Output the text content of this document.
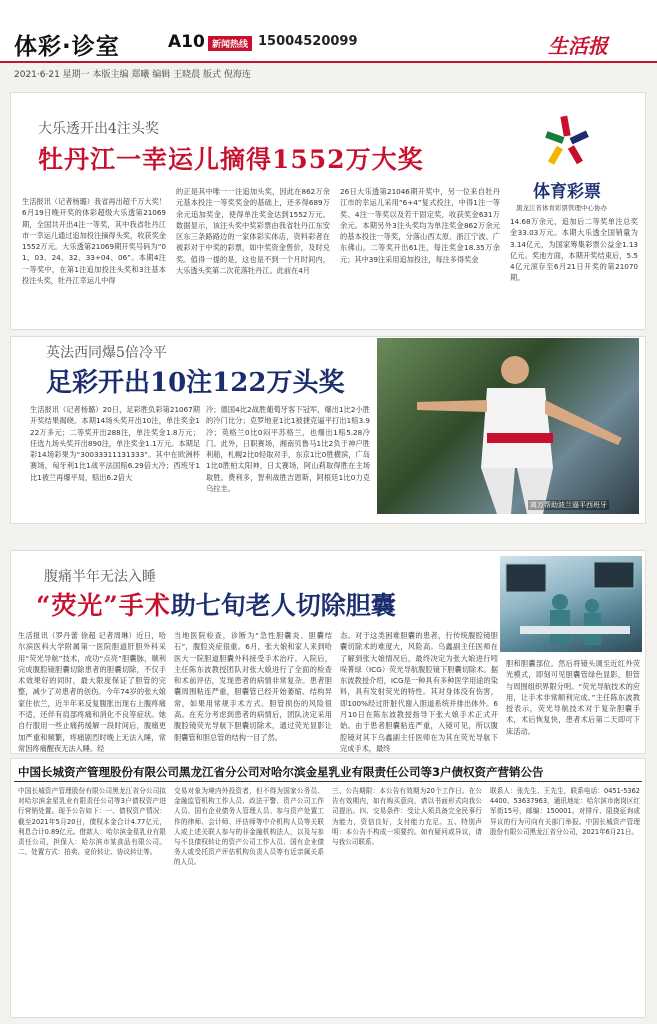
体彩·诊室	A10 新闻热线 15004520099	生活报
2021·6·21 星期一 本版主编 郑曦 编辑 王晓晨 版式 倪海连
大乐透开出4注头奖
牡丹江一幸运儿摘得1552万大奖
体育彩票
黑龙江省体育彩票管理中心协办
生活报讯（记者杨璐）我省再出超千万大奖！6月19日晚开奖的体彩超级大乐透第21069期，全国共开出4注一等奖，其中我省牡丹江市一幸运儿通过追加投注摘得头奖，收获奖金1552万元。大乐透第21069期开奖号码为“01、03、24、32、33+04、06”。本期4注一等奖中，在第1注追加投注头奖和3注基本投注头奖，牡丹江幸运儿中得
的正是其中唯一一注追加头奖，因此在862万余元基本投注一等奖奖金的基础上，还多得689万余元追加奖金，使得单注奖金达到1552万元。数据显示，该注头奖中奖彩票由我省牡丹江东安区东三条路路边的一家体彩实体店，资料彩者在被彩对于中奖的彩票，如中奖资金售价，及时兑奖。值得一提的是，这也是不到一个月时间内，大乐透头奖第二次花落牡丹江。此前在4月
26日大乐透第21046期开奖中，另一位来自牡丹江市的幸运儿采用“6+4”复式投注，中得1注一等奖、4注一等奖以及若干固定奖，收获奖金631万余元。本期另外3注头奖均为单注奖金862万余元的基本投注一等奖，分落山西太原、浙江宁波、广东佛山。二等奖开出61注，每注奖金18.35万余元；其中39注采用追加投注，每注多得奖金
14.68万余元，追加后二等奖单注总奖金33.03万元。本期大乐透全国销量为3.14亿元，为国家筹集彩票公益金1.13亿元。奖池方面，本期开奖结束后，5.54亿元滚存至6月21日开奖的第21070期。
英法西同爆5倍冷平
足彩开出10注122万头奖
离万帮助波兰逼平西班牙
生活报讯（记者杨璐）20日，足彩胜负彩第21067期开奖结果揭晓。本期14场头奖开出10注，单注奖金122万多元；二等奖开出288注，单注奖金1.8万元；任选九场头奖开出890注，单注奖金1.1万元。本期足彩14场彩果为“30033311131333”。其中在欧洲杯赛场，匈牙利1比1战平法国赔6.29倍大冷；西班牙1比1被兰再爆平局，赔出6.2倍大
冷；德国4比2战胜葡萄牙客下冠军，爆出1比2小胜的冷门比分；克罗地亚1比1被捷克逼平打出1赔3.9冷；英格兰0比0闷平苏格兰，也爆出1赔5.28冷门。此外，日职赛场，湘南贝鲁马1比2负于神户胜利船，札幌2比0轻取对手，东京1比0胜横滨，广岛1比0胜柏太阳神，日太赛场，阿山莉取得胜在主场取胜。费利多，智利战胜吉恩斯，阿根廷1比0力克乌拉圭。
腹痛半年无法入睡
“荧光”手术助七旬老人切除胆囊
生活报讯（罗丹蕾 徐超 记者周琳）近日，哈尔滨医科大学附属第一医院胆道肝胆外科采用“荧光导航”技术，成功“点亮”胆囊脉，顺利完成腹腔镜胆囊切除患者的胆囊切除，不仅手术效果好的同时，最大限度保证了胆管的完整，减少了对患者的创伤。今年74岁的张大娘家住依兰，近半年来反复腹胀出现右上腹疼痛不适，还伴有肩部疼痛和消化不良等症状。她自行服用一些止痛药缓解一段时间后，腹痛更加严重和频繁，疼痛剧烈时晚上无法入睡，常常因疼痛醒夜无法入睡。经
当地医院检查，诊断为“急性胆囊炎、胆囊结石”，腹腔炎症很重。6月，张大娘和家人来到哈医大一院胆道胆囊外科接受手术治疗。入院后，主任陈东波教授团队对张大娘进行了全面的检查和术前评估，发现患者的病情非常复杂。患者胆囊周围粘连严重，胆囊管已经开始萎缩、结构异常，如果用常规手术方式、胆管损伤的风险很高。在充分考虑到患者的病情后，团队决定采用腹腔镜荧光导航下胆囊切除术，通过荧光显影让胆囊管和胆总管的结构一目了然。
态。对于这类困难胆囊的患者，行传统腹腔镜胆囊切除术的难度大，风险高。乌鑫副主任医师在了解到张大娘情况后，最终决定为张大娘进行吲哚菁绿（ICG）荧光导航腹腔镜下胆囊切除术。据东波教授介绍，ICG是一种具有多种医学用途的染料，具有发射荧光的特性。其对身体没有伤害，即100%经过肝脏代谢入胆道系统并排出体外。6月10日在陈东波教授指导下张大娘手术正式开始。由于患者胆囊粘连严重，入镜可见，所以腹腔镜对其下乌鑫副主任医师在为其在荧光导航下完成手术，最终
胆和胆囊部位。然后将镜头调至近红外荧光模式，即刻可见胆囊管绿色显影，胆管与周围组织界限分明。“荧光导航技术的应用，让手术非常顺利完成。”主任陈东波教授表示，荧光导航技术对于复杂胆囊手术，术后恢复快，患者术后第二天即可下床活动。
中国长城资产管理股份有限公司黑龙江省分公司对哈尔滨金星乳业有限责任公司等3户债权资产营销公告
中国长城资产管理股份有限公司黑龙江省分公司拟对哈尔滨金星乳业有限责任公司等3户债权资产进行营销处置。现予公告如下：一、债权资产情况：截至2021年5月20日，债权本金合计4.77亿元，利息合计0.89亿元。借款人：哈尔滨金星乳业有限责任公司，担保人：哈尔滨市某食品有限公司。二、处置方式：拍卖、竞价转让、协议转让等。
交易对象为境内外投资者，但不得为国家公务员、金融监管机构工作人员、政法干警、资产公司工作人员、国有企业债务人管理人员、参与资产处置工作的律师、会计师、评估师等中介机构人员等关联人或上述关联人参与的非金融机构法人，以及与参与不良债权转让的资产公司工作人员、国有企业债务人或受托资产评估机构负责人员等有近亲属关系的人员。
三、公告期限：本公告有效期为20个工作日。在公告有效期内，如有购买意向，请以书面形式向我公司提出。四、交易条件：受让人须具备完全民事行为能力，资信良好，支付能力充足。五、特别声明：本公告不构成一项要约。如有疑问或异议，请与我公司联系。
联系人：张先生、王先生，联系电话：0451-53624400、53637963，通讯地址：哈尔滨市南岗区红军街15号，邮编：150001。对排斥、阻挠征询或异议的行为可向有关部门举报。中国长城资产管理股份有限公司黑龙江省分公司，2021年6月21日。
